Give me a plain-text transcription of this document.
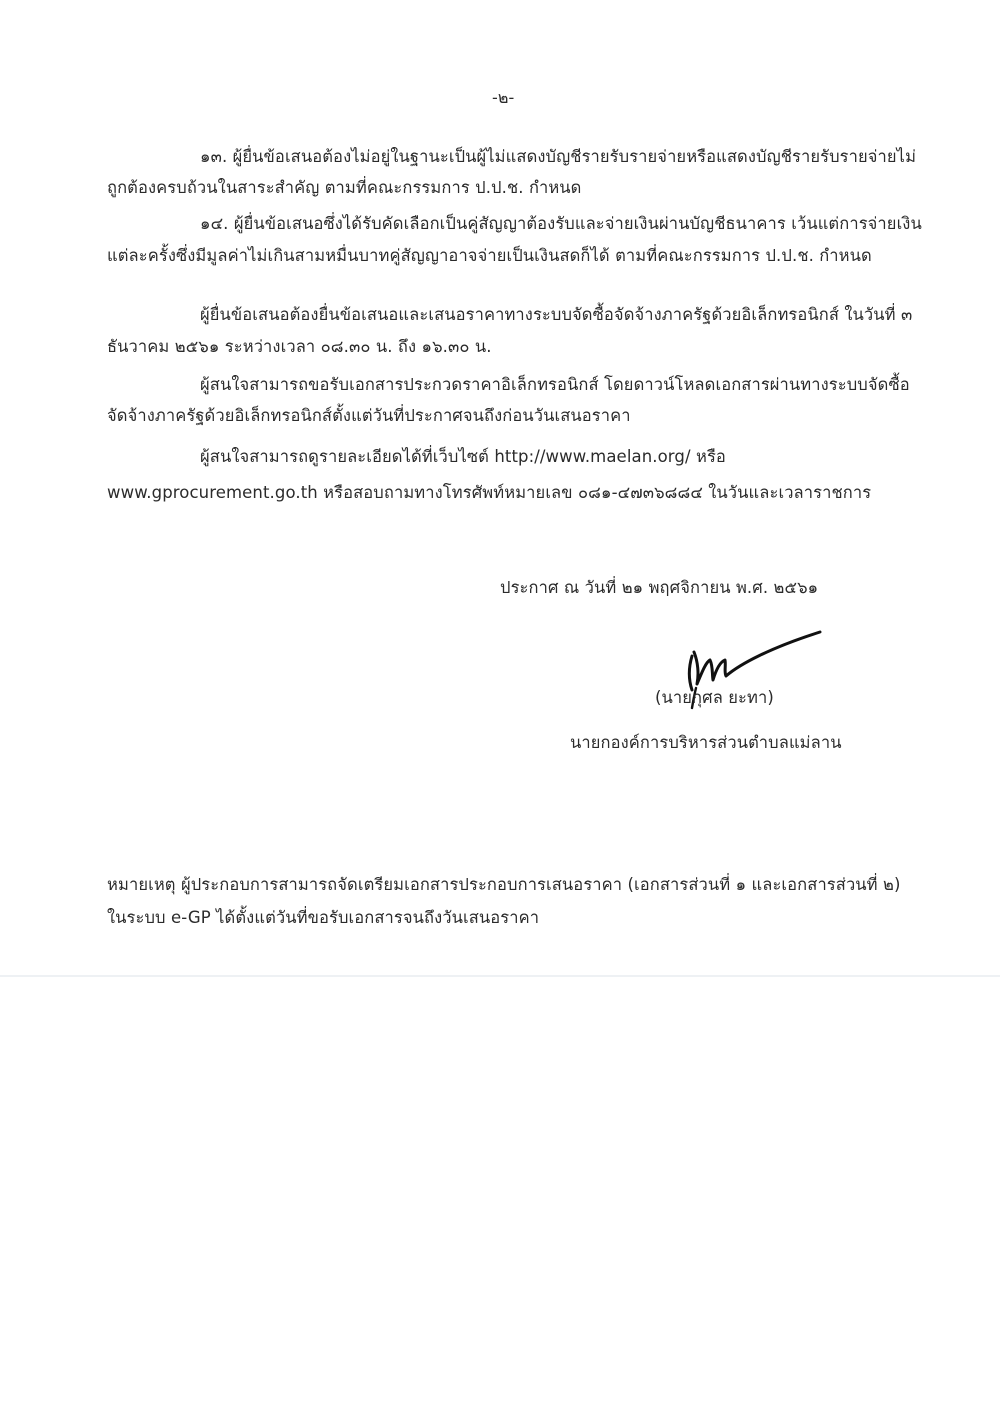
-๒-
๑๓. ผู้ยื่นข้อเสนอต้องไม่อยู่ในฐานะเป็นผู้ไม่แสดงบัญชีรายรับรายจ่ายหรือแสดงบัญชีรายรับรายจ่ายไม่
ถูกต้องครบถ้วนในสาระสำคัญ ตามที่คณะกรรมการ ป.ป.ช. กำหนด
๑๔. ผู้ยื่นข้อเสนอซึ่งได้รับคัดเลือกเป็นคู่สัญญาต้องรับและจ่ายเงินผ่านบัญชีธนาคาร เว้นแต่การจ่ายเงิน
แต่ละครั้งซึ่งมีมูลค่าไม่เกินสามหมื่นบาทคู่สัญญาอาจจ่ายเป็นเงินสดก็ได้ ตามที่คณะกรรมการ ป.ป.ช. กำหนด
ผู้ยื่นข้อเสนอต้องยื่นข้อเสนอและเสนอราคาทางระบบจัดซื้อจัดจ้างภาครัฐด้วยอิเล็กทรอนิกส์ ในวันที่ ๓
ธันวาคม ๒๕๖๑ ระหว่างเวลา ๐๘.๓๐ น. ถึง ๑๖.๓๐ น.
ผู้สนใจสามารถขอรับเอกสารประกวดราคาอิเล็กทรอนิกส์ โดยดาวน์โหลดเอกสารผ่านทางระบบจัดซื้อ
จัดจ้างภาครัฐด้วยอิเล็กทรอนิกส์ตั้งแต่วันที่ประกาศจนถึงก่อนวันเสนอราคา
ผู้สนใจสามารถดูรายละเอียดได้ที่เว็บไซต์ http://www.maelan.org/ หรือ
www.gprocurement.go.th หรือสอบถามทางโทรศัพท์หมายเลข ๐๘๑-๔๗๓๖๘๘๔ ในวันและเวลาราชการ
ประกาศ ณ วันที่ ๒๑ พฤศจิกายน พ.ศ. ๒๕๖๑
(นายกุศล ยะทา)
นายกองค์การบริหารส่วนตำบลแม่ลาน
หมายเหตุ ผู้ประกอบการสามารถจัดเตรียมเอกสารประกอบการเสนอราคา (เอกสารส่วนที่ ๑ และเอกสารส่วนที่ ๒)
ในระบบ e-GP ได้ตั้งแต่วันที่ขอรับเอกสารจนถึงวันเสนอราคา
